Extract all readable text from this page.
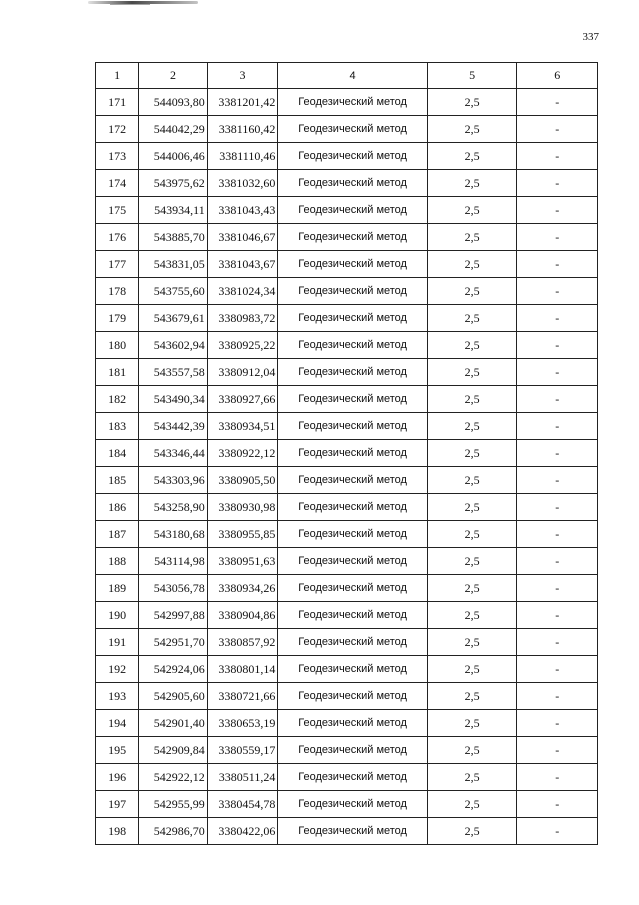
337
1	2	3	4	5	6
171	544093,80	3381201,42	Геодезический метод	2,5	-
172	544042,29	3381160,42	Геодезический метод	2,5	-
173	544006,46	3381110,46	Геодезический метод	2,5	-
174	543975,62	3381032,60	Геодезический метод	2,5	-
175	543934,11	3381043,43	Геодезический метод	2,5	-
176	543885,70	3381046,67	Геодезический метод	2,5	-
177	543831,05	3381043,67	Геодезический метод	2,5	-
178	543755,60	3381024,34	Геодезический метод	2,5	-
179	543679,61	3380983,72	Геодезический метод	2,5	-
180	543602,94	3380925,22	Геодезический метод	2,5	-
181	543557,58	3380912,04	Геодезический метод	2,5	-
182	543490,34	3380927,66	Геодезический метод	2,5	-
183	543442,39	3380934,51	Геодезический метод	2,5	-
184	543346,44	3380922,12	Геодезический метод	2,5	-
185	543303,96	3380905,50	Геодезический метод	2,5	-
186	543258,90	3380930,98	Геодезический метод	2,5	-
187	543180,68	3380955,85	Геодезический метод	2,5	-
188	543114,98	3380951,63	Геодезический метод	2,5	-
189	543056,78	3380934,26	Геодезический метод	2,5	-
190	542997,88	3380904,86	Геодезический метод	2,5	-
191	542951,70	3380857,92	Геодезический метод	2,5	-
192	542924,06	3380801,14	Геодезический метод	2,5	-
193	542905,60	3380721,66	Геодезический метод	2,5	-
194	542901,40	3380653,19	Геодезический метод	2,5	-
195	542909,84	3380559,17	Геодезический метод	2,5	-
196	542922,12	3380511,24	Геодезический метод	2,5	-
197	542955,99	3380454,78	Геодезический метод	2,5	-
198	542986,70	3380422,06	Геодезический метод	2,5	-
